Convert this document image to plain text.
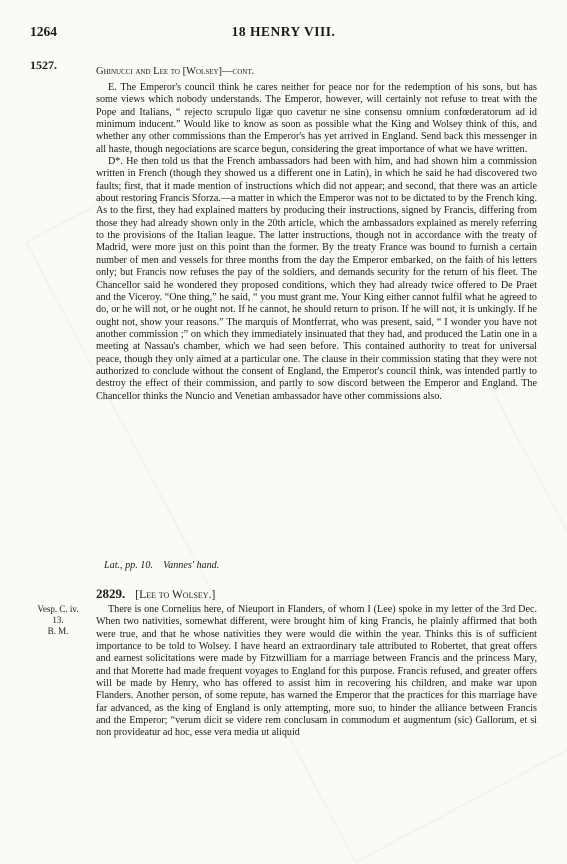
1264	18 HENRY VIII.
1527.	Ghinucci and Lee to [Wolsey]—cont.

E. The Emperor's council think he cares neither for peace nor for the redemption of his sons, but has some views which nobody understands. The Emperor, however, will certainly not refuse to treat with the Pope and Italians, “ rejecto scrupulo ligæ quo cavetur ne sine consensu omnium confœderatorum ad id minimum inducent.” Would like to know as soon as possible what the King and Wolsey think of this, and whether any other commissions than the Emperor's has yet arrived in England. Send back this messenger in all haste, though negociations are scarce begun, considering the great importance of what we have written.

D*. He then told us that the French ambassadors had been with him, and had shown him a commission written in French (though they showed us a different one in Latin), in which he said he had discovered two faults; first, that it made mention of instructions which did not appear; and second, that there was an article about restoring Francis Sforza.—a matter in which the Emperor was not to be dictated to by the French king. As to the first, they had explained matters by producing their instructions, signed by Francis, differing from those they had already shown only in the 20th article, which the ambassadors explained as merely referring to the provisions of the Italian league. The latter instructions, though not in accordance with the treaty of Madrid, were more just on this point than the former. By the treaty France was bound to furnish a certain number of men and vessels for three months from the day the Emperor embarked, on the faith of his letters only; but Francis now refuses the pay of the soldiers, and demands security for the return of his fleet. The Chancellor said he wondered they proposed conditions, which they had already twice offered to De Praet and the Viceroy. “One thing,” he said, “ you must grant me. Your King either cannot fulfil what he agreed to do, or he will not, or he ought not. If he cannot, he should return to prison. If he will not, it is unkingly. If he ought not, show your reasons.” The marquis of Montferrat, who was present, said, “ I wonder you have not another commission ;” on which they immediately insinuated that they had, and produced the Latin one in a meeting at Nassau's chamber, which we had seen before. This contained authority to treat for universal peace, though they only aimed at a particular one. The clause in their commission stating that they were not authorized to conclude without the consent of England, the Emperor's council think, was intended partly to destroy the effect of their commission, and partly to sow discord between the Emperor and England. The Chancellor thinks the Nuncio and Venetian ambassador have other commissions also.

Lat., pp. 10. Vannes' hand.
2829. [Lee to Wolsey.]
Vesp. C. iv.
13.
B. M.

There is one Cornelius here, of Nieuport in Flanders, of whom I (Lee) spoke in my letter of the 3rd Dec. When two nativities, somewhat different, were brought him of king Francis, he plainly affirmed that both were true, and that he whose nativities they were would die within the year. Thinks this is of sufficient importance to be told to Wolsey. I have heard an extraordinary tale attributed to Robertet, that great offers and earnest solicitations were made by Fitzwilliam for a marriage between Francis and the princess Mary, and that Morette had made frequent voyages to England for this purpose. Francis refused, and greater offers will be made by Henry, who has offered to assist him in recovering his children, and make war upon Flanders. Another person, of some repute, has warned the Emperor that the practices for this marriage have far advanced, as the king of England is only attempting, more suo, to hinder the alliance between Francis and the Emperor; “verum dicit se videre rem conclusam in commodum et augmentum (sic) Gallorum, et si non provideatur ad hoc, esse vera media ut aliquid
